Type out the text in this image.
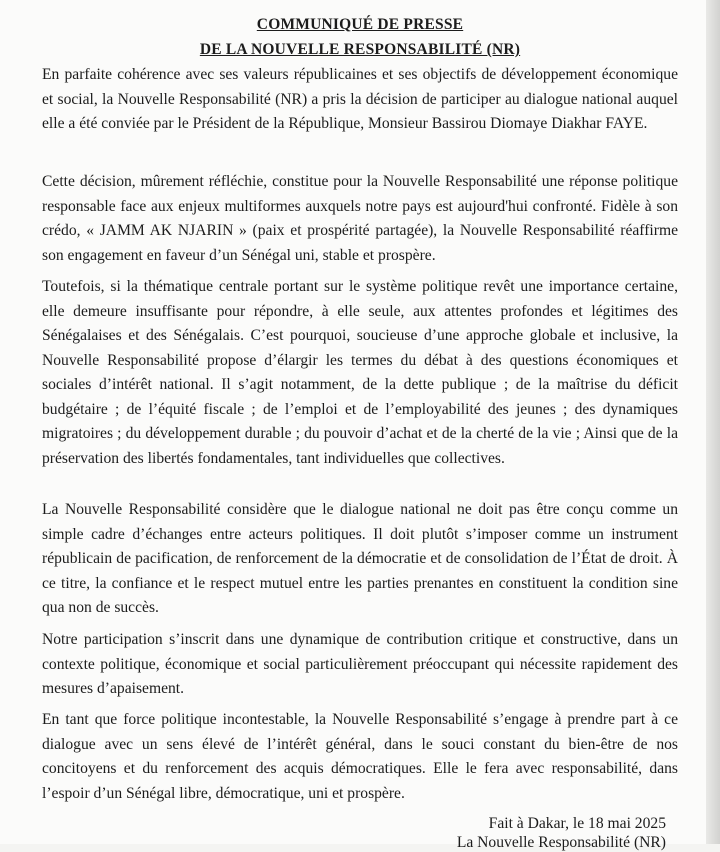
COMMUNIQUÉ DE PRESSE

DE LA NOUVELLE RESPONSABILITÉ (NR)

En parfaite cohérence avec ses valeurs républicaines et ses objectifs de développement économique et social, la Nouvelle Responsabilité (NR) a pris la décision de participer au dialogue national auquel elle a été conviée par le Président de la République, Monsieur Bassirou Diomaye Diakhar FAYE.

Cette décision, mûrement réfléchie, constitue pour la Nouvelle Responsabilité une réponse politique responsable face aux enjeux multiformes auxquels notre pays est aujourd'hui confronté. Fidèle à son crédo, « JAMM AK NJARIN » (paix et prospérité partagée), la Nouvelle Responsabilité réaffirme son engagement en faveur d’un Sénégal uni, stable et prospère.

Toutefois, si la thématique centrale portant sur le système politique revêt une importance certaine, elle demeure insuffisante pour répondre, à elle seule, aux attentes profondes et légitimes des Sénégalaises et des Sénégalais. C’est pourquoi, soucieuse d’une approche globale et inclusive, la Nouvelle Responsabilité propose d’élargir les termes du débat à des questions économiques et sociales d’intérêt national. Il s’agit notamment, de la dette publique ; de la maîtrise du déficit budgétaire ; de l’équité fiscale ; de l’emploi et de l’employabilité des jeunes ; des dynamiques migratoires ; du développement durable ; du pouvoir d’achat et de la cherté de la vie ; Ainsi que de la préservation des libertés fondamentales, tant individuelles que collectives.

La Nouvelle Responsabilité considère que le dialogue national ne doit pas être conçu comme un simple cadre d’échanges entre acteurs politiques. Il doit plutôt s’imposer comme un instrument républicain de pacification, de renforcement de la démocratie et de consolidation de l’État de droit. À ce titre, la confiance et le respect mutuel entre les parties prenantes en constituent la condition sine qua non de succès.

Notre participation s’inscrit dans une dynamique de contribution critique et constructive, dans un contexte politique, économique et social particulièrement préoccupant qui nécessite rapidement des mesures d’apaisement.

En tant que force politique incontestable, la Nouvelle Responsabilité s’engage à prendre part à ce dialogue avec un sens élevé de l’intérêt général, dans le souci constant du bien-être de nos concitoyens et du renforcement des acquis démocratiques. Elle le fera avec responsabilité, dans l’espoir d’un Sénégal libre, démocratique, uni et prospère.

Fait à Dakar, le 18 mai 2025

La Nouvelle Responsabilité (NR)
